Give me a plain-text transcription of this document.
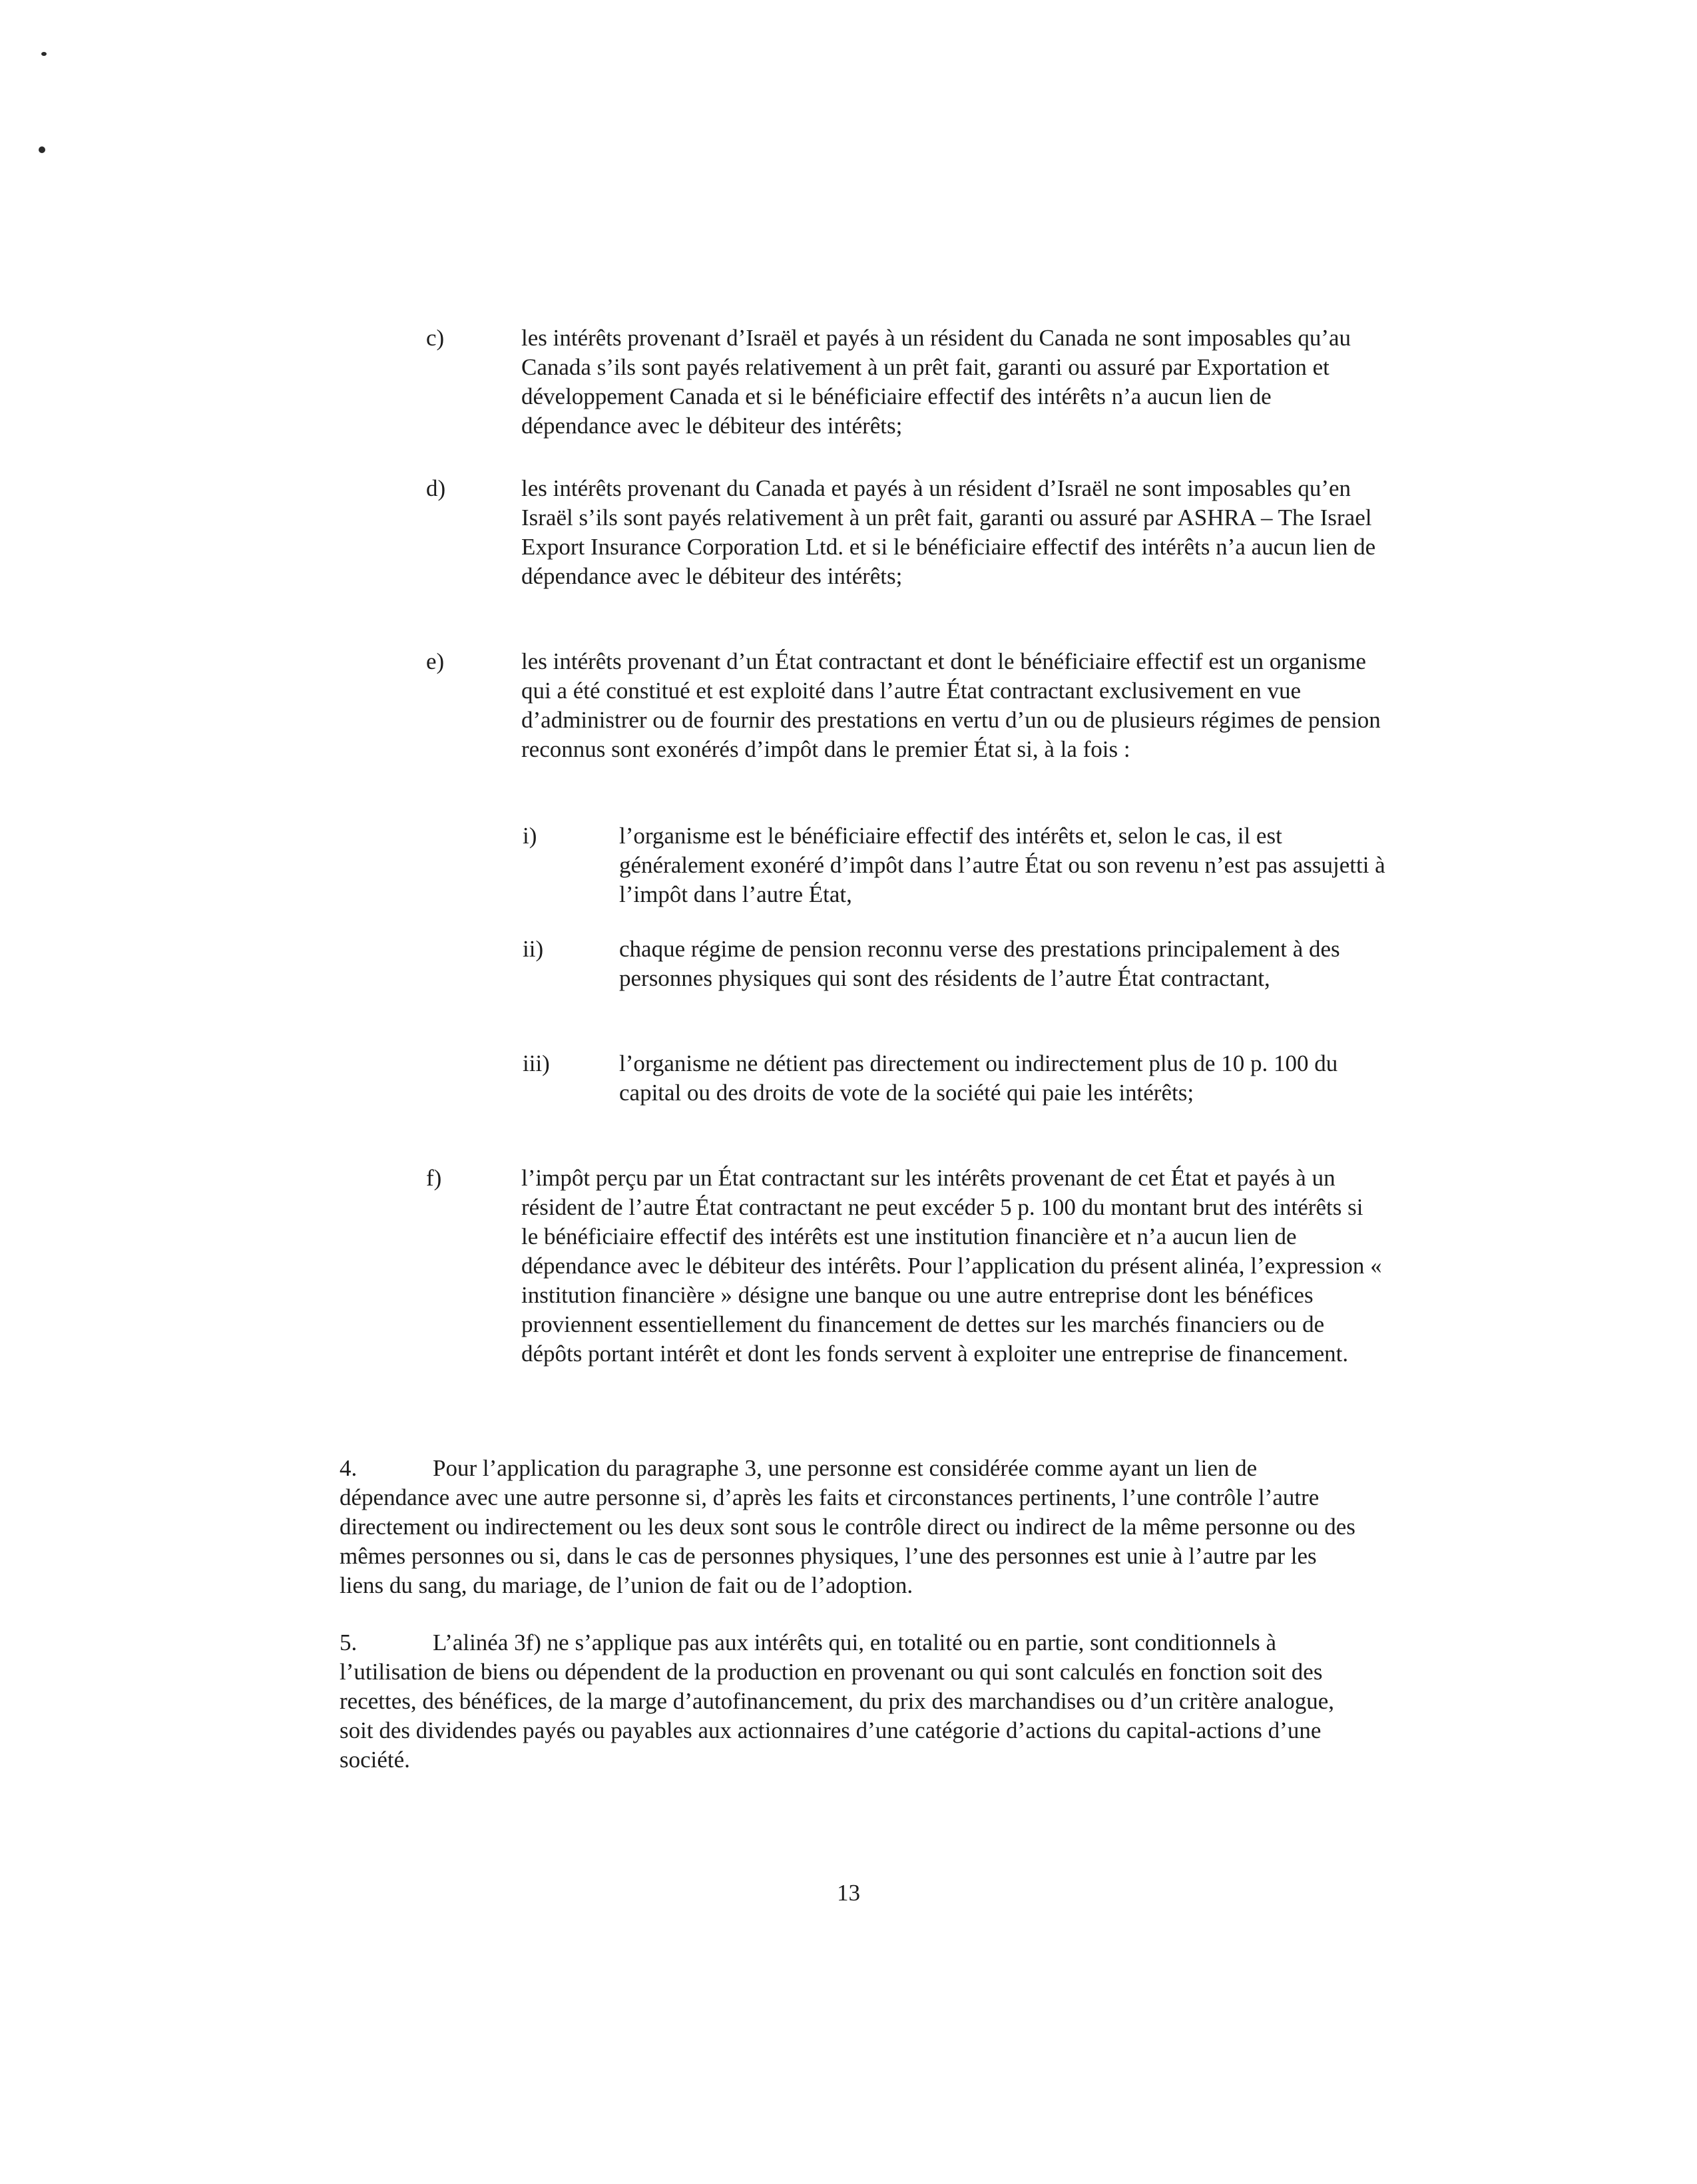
c)	les intérêts provenant d’Israël et payés à un résident du Canada ne sont imposables qu’au Canada s’ils sont payés relativement à un prêt fait, garanti ou assuré par Exportation et développement Canada et si le bénéficiaire effectif des intérêts n’a aucun lien de dépendance avec le débiteur des intérêts;
d)	les intérêts provenant du Canada et payés à un résident d’Israël ne sont imposables qu’en Israël s’ils sont payés relativement à un prêt fait, garanti ou assuré par ASHRA – The Israel Export Insurance Corporation Ltd. et si le bénéficiaire effectif des intérêts n’a aucun lien de dépendance avec le débiteur des intérêts;
e)	les intérêts provenant d’un État contractant et dont le bénéficiaire effectif est un organisme qui a été constitué et est exploité dans l’autre État contractant exclusivement en vue d’administrer ou de fournir des prestations en vertu d’un ou de plusieurs régimes de pension reconnus sont exonérés d’impôt dans le premier État si, à la fois :
i)	l’organisme est le bénéficiaire effectif des intérêts et, selon le cas, il est généralement exonéré d’impôt dans l’autre État ou son revenu n’est pas assujetti à l’impôt dans l’autre État,
ii)	chaque régime de pension reconnu verse des prestations principalement à des personnes physiques qui sont des résidents de l’autre État contractant,
iii)	l’organisme ne détient pas directement ou indirectement plus de 10 p. 100 du capital ou des droits de vote de la société qui paie les intérêts;
f)	l’impôt perçu par un État contractant sur les intérêts provenant de cet État et payés à un résident de l’autre État contractant ne peut excéder 5 p. 100 du montant brut des intérêts si le bénéficiaire effectif des intérêts est une institution financière et n’a aucun lien de dépendance avec le débiteur des intérêts. Pour l’application du présent alinéa, l’expression « institution financière » désigne une banque ou une autre entreprise dont les bénéfices proviennent essentiellement du financement de dettes sur les marchés financiers ou de dépôts portant intérêt et dont les fonds servent à exploiter une entreprise de financement.
4.	Pour l’application du paragraphe 3, une personne est considérée comme ayant un lien de dépendance avec une autre personne si, d’après les faits et circonstances pertinents, l’une contrôle l’autre directement ou indirectement ou les deux sont sous le contrôle direct ou indirect de la même personne ou des mêmes personnes ou si, dans le cas de personnes physiques, l’une des personnes est unie à l’autre par les liens du sang, du mariage, de l’union de fait ou de l’adoption.
5.	L’alinéa 3f) ne s’applique pas aux intérêts qui, en totalité ou en partie, sont conditionnels à l’utilisation de biens ou dépendent de la production en provenant ou qui sont calculés en fonction soit des recettes, des bénéfices, de la marge d’autofinancement, du prix des marchandises ou d’un critère analogue, soit des dividendes payés ou payables aux actionnaires d’une catégorie d’actions du capital-actions d’une société.
13
